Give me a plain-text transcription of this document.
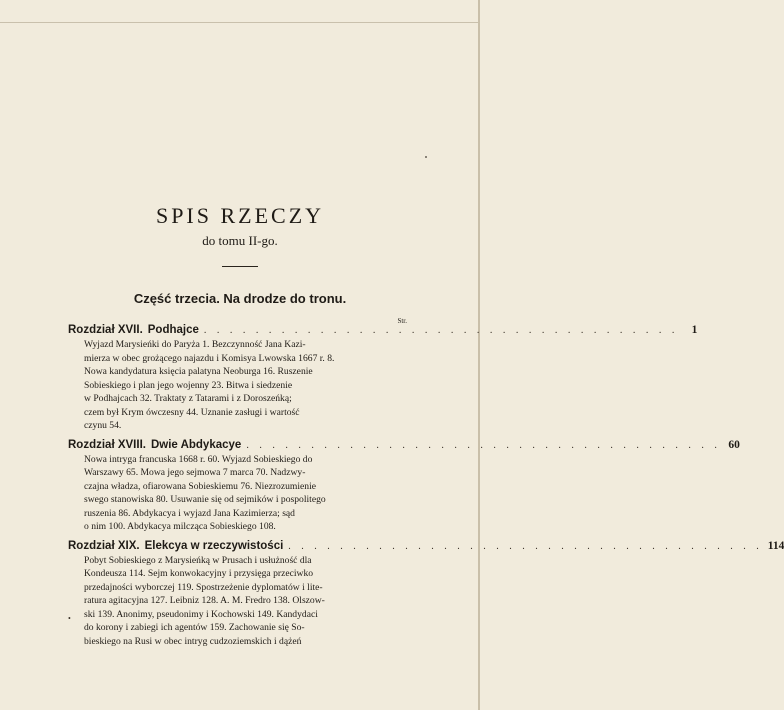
SPIS RZECZY

do tomu II-go.

Część trzecia. Na drodze do tronu.
Str.
Rozdział XVII. Podhajce . . . . . . . . . . . . . . . . . . . . . . . . . . . . . . . . . . . . .	1
Wyjazd Marysieńki do Paryża 1. Bezczynność Jana Kazi-
mierza w obec grożącego najazdu i Komisya Lwowska 1667 r. 8.
Nowa kandydatura księcia palatyna Neoburga 16. Ruszenie
Sobieskiego i plan jego wojenny 23. Bitwa i siedzenie
w Podhajcach 32. Traktaty z Tatarami i z Doroszeńką;
czem był Krym ówczesny 44. Uznanie zasługi i wartość
czynu 54.
Rozdział XVIII. Dwie Abdykacye . . . . . . . . . . . . . . . . . . . . . . . . . . . . . . . . . . . . . 60
Nowa intryga francuska 1668 r. 60. Wyjazd Sobieskiego do
Warszawy 65. Mowa jego sejmowa 7 marca 70. Nadzwy-
czajna władza, ofiarowana Sobieskiemu 76. Niezrozumienie
swego stanowiska 80. Usuwanie się od sejmików i pospolitego
ruszenia 86. Abdykacya i wyjazd Jana Kazimierza; sąd
o nim 100. Abdykacya milcząca Sobieskiego 108.
Rozdział XIX. Elekcya w rzeczywistości . . . . . . . . . . . . . . . . . . . . . . . . . . . . . . . . . . . . . 114
Pobyt Sobieskiego z Marysieńką w Prusach i usłużność dla
Kondeusza 114. Sejm konwokacyjny i przysięga przeciwko
przedajności wyborczej 119. Spostrzeżenie dyplomatów i lite-
ratura agitacyjna 127. Leibniz 128. A. M. Fredro 138. Olszow-
ski 139. Anonimy, pseudonimy i Kochowski 149. Kandydaci
do korony i zabiegi ich agentów 159. Zachowanie się So-
bieskiego na Rusi w obec intryg cudzoziemskich i dążeń
•
